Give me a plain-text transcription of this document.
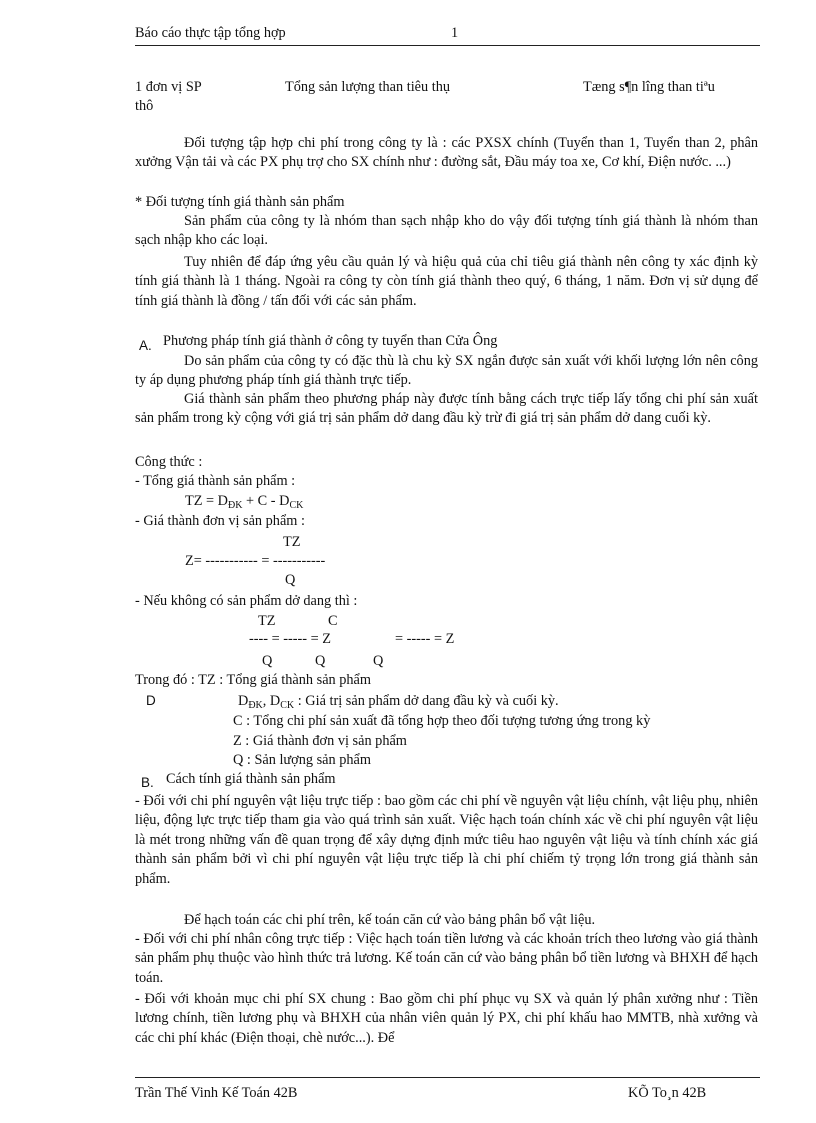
Báo cáo thực tập tổng hợp	1
1 đơn vị SP	Tổng sản lượng than tiêu thụ	Tæng s¶n lîng than tiªu
thô
Đối tượng tập hợp chi phí trong công ty là : các PXSX chính (Tuyển than 1, Tuyển than 2, phân xưởng Vận tải và các PX phụ trợ cho SX chính như : đường sắt, Đầu máy toa xe, Cơ khí, Điện nước. ...)
* Đối tượng tính giá thành sản phẩm
Sản phẩm của công ty là nhóm than sạch nhập kho do vậy đối tượng tính giá thành là nhóm than sạch nhập kho các loại.
Tuy nhiên để đáp ứng yêu cầu quản lý và hiệu quả của chỉ tiêu giá thành nên công ty xác định kỳ tính giá thành là 1 tháng. Ngoài ra công ty còn tính giá thành theo quý, 6 tháng, 1 năm. Đơn vị sử dụng để tính giá thành là đồng / tấn đối với các sản phẩm.
A. Phương pháp tính giá thành ở công ty tuyển than Cửa Ông
Do sản phẩm của công ty có đặc thù là chu kỳ SX ngắn được sản xuất với khối lượng lớn nên công ty áp dụng phương pháp tính giá thành trực tiếp.
Giá thành sản phẩm theo phương pháp này được tính bằng cách trực tiếp lấy tổng chi phí sản xuất sản phẩm trong kỳ cộng với giá trị sản phẩm dở dang đầu kỳ trừ đi giá trị sản phẩm dở dang cuối kỳ.
Công thức :
- Tổng giá thành sản phẩm :
TZ = $D_{ĐK} + C - D_{CK}$
- Giá thành đơn vị sản phẩm :
TZ
Z= ----------- = -----------
Q
- Nếu không có sản phẩm dở dang thì :
TZ	C
---- = ----- = Z	= ----- = Z
Q	Q	Q
Trong đó : TZ : Tổng giá thành sản phẩm
D	$D_{ĐK}$, $D_{CK}$ : Giá trị sản phẩm dở dang đầu kỳ và cuối kỳ.
C : Tổng chi phí sản xuất đã tổng hợp theo đối tượng tương ứng trong kỳ
Z : Giá thành đơn vị sản phẩm
Q : Sản lượng sản phẩm
B. Cách tính giá thành sản phẩm
- Đối với chi phí nguyên vật liệu trực tiếp : bao gồm các chi phí về nguyên vật liệu chính, vật liệu phụ, nhiên liệu, động lực trực tiếp tham gia vào quá trình sản xuất. Việc hạch toán chính xác về chi phí nguyên vật liệu là mét trong những vấn đề quan trọng để xây dựng định mức tiêu hao nguyên vật liệu và tính chính xác giá thành sản phẩm bởi vì chi phí nguyên vật liệu trực tiếp là chi phí chiếm tỷ trọng lớn trong giá thành sản phẩm.
Để hạch toán các chi phí trên, kế toán căn cứ vào bảng phân bổ vật liệu.
- Đối với chi phí nhân công trực tiếp : Việc hạch toán tiền lương và các khoản trích theo lương vào giá thành sản phẩm phụ thuộc vào hình thức trả lương. Kế toán căn cứ vào bảng phân bổ tiền lương và BHXH để hạch toán.
- Đối với khoản mục chi phí SX chung : Bao gồm chi phí phục vụ SX và quản lý phân xưởng như : Tiền lương chính, tiền lương phụ và BHXH của nhân viên quản lý PX, chi phí khấu hao MMTB, nhà xưởng và các chi phí khác (Điện thoại, chè nước...). Để
Trần Thế Vinh Kế Toán 42B	KÕ To¸n 42B
